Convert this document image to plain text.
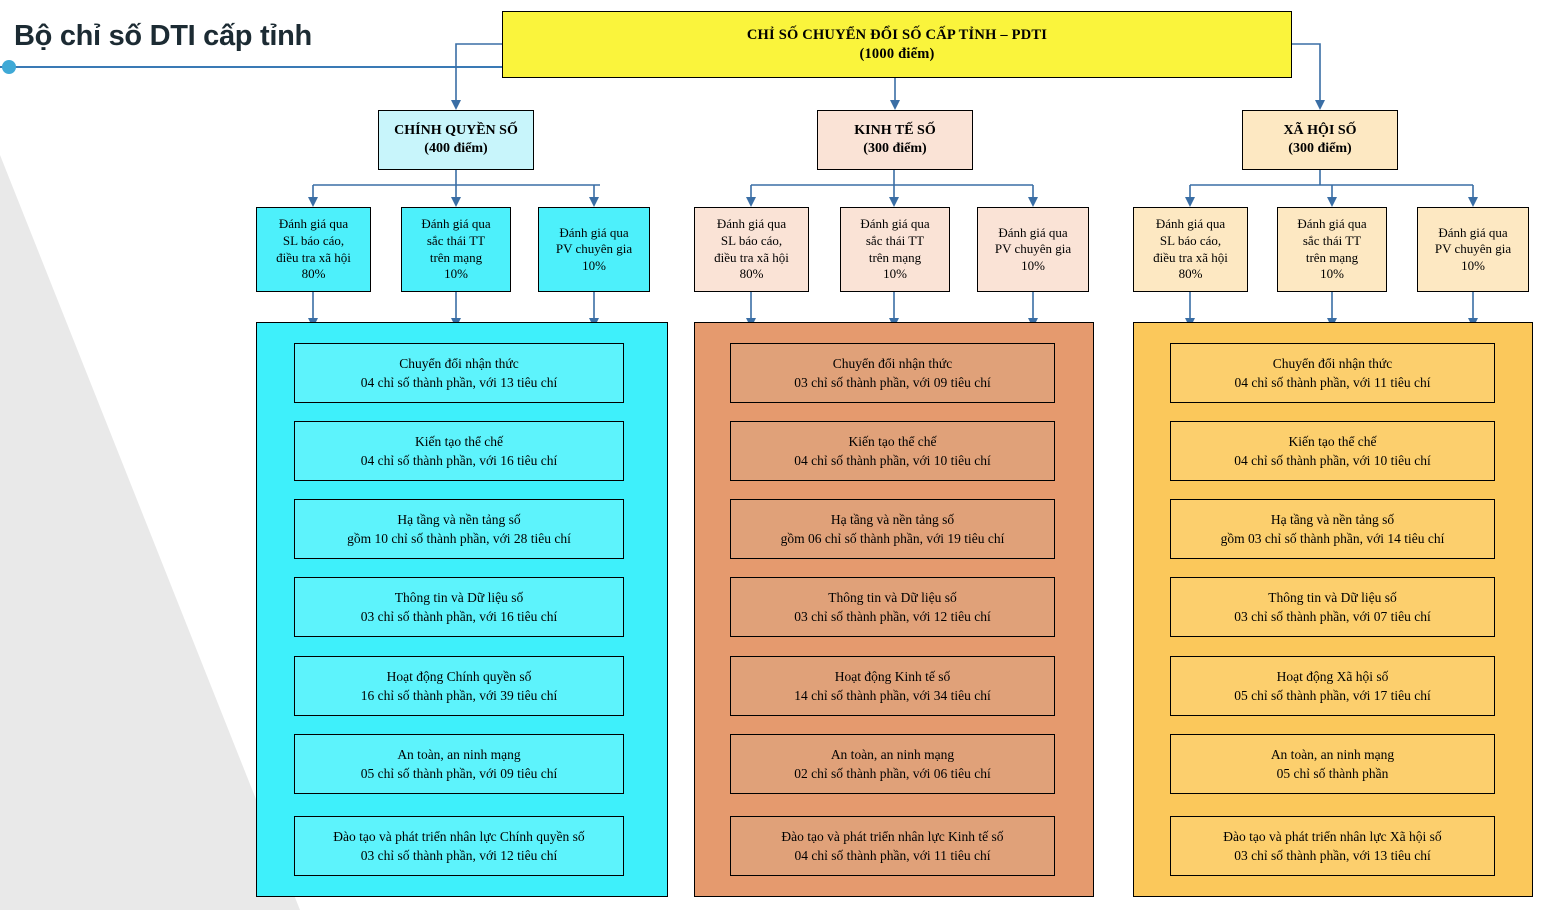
Bộ chỉ số DTI cấp tỉnh	CHỈ SỐ CHUYỂN ĐỔI SỐ CẤP TỈNH – PDTI
(1000 điểm)
CHÍNH QUYỀN SỐ
(400 điểm)
Đánh giá qua
SL báo cáo,
điều tra xã hội
80%
Đánh giá qua
sắc thái TT
trên mạng
10%
Đánh giá qua
PV chuyên gia
10%
Chuyển đổi nhận thức
04 chỉ số thành phần, với 13 tiêu chí
Kiến tạo thể chế
04 chỉ số thành phần, với 16 tiêu chí
Hạ tầng và nền tảng số
gồm 10 chỉ số thành phần, với 28 tiêu chí
Thông tin và Dữ liệu số
03 chỉ số thành phần, với 16 tiêu chí
Hoạt động Chính quyền số
16 chỉ số thành phần, với 39 tiêu chí
An toàn, an ninh mạng
05 chỉ số thành phần, với 09 tiêu chí
Đào tạo và phát triển nhân lực Chính quyền số
03 chỉ số thành phần, với 12 tiêu chí
KINH TẾ SỐ
(300 điểm)
Đánh giá qua
SL báo cáo,
điều tra xã hội
80%
Đánh giá qua
sắc thái TT
trên mạng
10%
Đánh giá qua
PV chuyên gia
10%
Chuyển đổi nhận thức
03 chỉ số thành phần, với 09 tiêu chí
Kiến tạo thể chế
04 chỉ số thành phần, với 10 tiêu chí
Hạ tầng và nền tảng số
gồm 06 chỉ số thành phần, với 19 tiêu chí
Thông tin và Dữ liệu số
03 chỉ số thành phần, với 12 tiêu chí
Hoạt động Kinh tế số
14 chỉ số thành phần, với 34 tiêu chí
An toàn, an ninh mạng
02 chỉ số thành phần, với 06 tiêu chí
Đào tạo và phát triển nhân lực Kinh tế số
04 chỉ số thành phần, với 11 tiêu chí
XÃ HỘI SỐ
(300 điểm)
Đánh giá qua
SL báo cáo,
điều tra xã hội
80%
Đánh giá qua
sắc thái TT
trên mạng
10%
Đánh giá qua
PV chuyên gia
10%
Chuyển đổi nhận thức
04 chỉ số thành phần, với 11 tiêu chí
Kiến tạo thể chế
04 chỉ số thành phần, với 10 tiêu chí
Hạ tầng và nền tảng số
gồm 03 chỉ số thành phần, với 14 tiêu chí
Thông tin và Dữ liệu số
03 chỉ số thành phần, với 07 tiêu chí
Hoạt động Xã hội số
05 chỉ số thành phần, với 17 tiêu chí
An toàn, an ninh mạng
05 chỉ số thành phần
Đào tạo và phát triển nhân lực Xã hội số
03 chỉ số thành phần, với 13 tiêu chí
